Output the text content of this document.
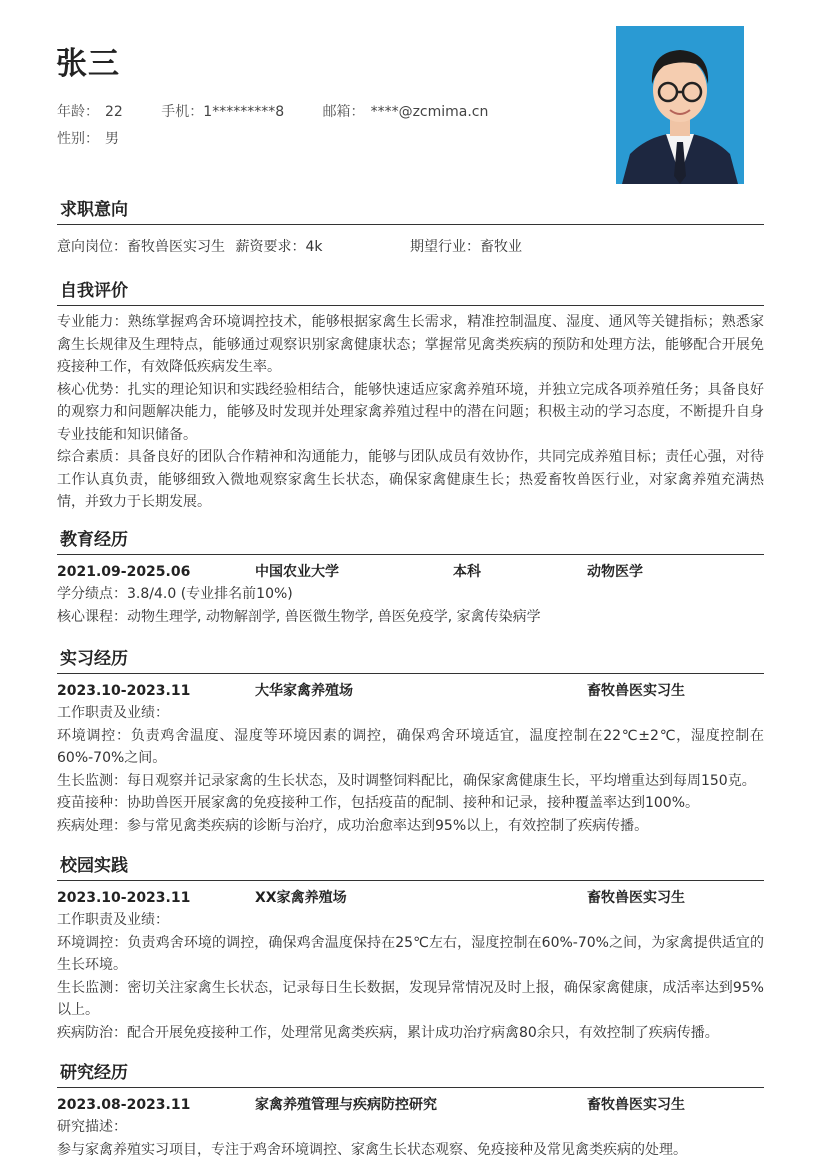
张三
年龄： 22	手机：1*********8	邮箱： ****@zcmima.cn
性别： 男
求职意向
意向岗位：畜牧兽医实习生 薪资要求：4k	期望行业：畜牧业
自我评价
专业能力：熟练掌握鸡舍环境调控技术，能够根据家禽生长需求，精准控制温度、湿度、通风等关键指标；熟悉家禽生长规律及生理特点，能够通过观察识别家禽健康状态；掌握常见禽类疾病的预防和处理方法，能够配合开展免疫接种工作，有效降低疾病发生率。
核心优势：扎实的理论知识和实践经验相结合，能够快速适应家禽养殖环境，并独立完成各项养殖任务；具备良好的观察力和问题解决能力，能够及时发现并处理家禽养殖过程中的潜在问题；积极主动的学习态度，不断提升自身专业技能和知识储备。
综合素质：具备良好的团队合作精神和沟通能力，能够与团队成员有效协作，共同完成养殖目标；责任心强，对待工作认真负责，能够细致入微地观察家禽生长状态，确保家禽健康生长；热爱畜牧兽医行业，对家禽养殖充满热情，并致力于长期发展。
教育经历
2021.09-2025.06	中国农业大学	本科	动物医学
学分绩点：3.8/4.0 (专业排名前10%)
核心课程：动物生理学, 动物解剖学, 兽医微生物学, 兽医免疫学, 家禽传染病学
实习经历
2023.10-2023.11	大华家禽养殖场	畜牧兽医实习生
工作职责及业绩：
环境调控：负责鸡舍温度、湿度等环境因素的调控，确保鸡舍环境适宜，温度控制在22℃±2℃，湿度控制在60%-70%之间。
生长监测：每日观察并记录家禽的生长状态，及时调整饲料配比，确保家禽健康生长，平均增重达到每周150克。
疫苗接种：协助兽医开展家禽的免疫接种工作，包括疫苗的配制、接种和记录，接种覆盖率达到100%。
疾病处理：参与常见禽类疾病的诊断与治疗，成功治愈率达到95%以上，有效控制了疾病传播。
校园实践
2023.10-2023.11	XX家禽养殖场	畜牧兽医实习生
工作职责及业绩：
环境调控：负责鸡舍环境的调控，确保鸡舍温度保持在25℃左右，湿度控制在60%-70%之间，为家禽提供适宜的生长环境。
生长监测：密切关注家禽生长状态，记录每日生长数据，发现异常情况及时上报，确保家禽健康，成活率达到95%以上。
疾病防治：配合开展免疫接种工作，处理常见禽类疾病，累计成功治疗病禽80余只，有效控制了疾病传播。
研究经历
2023.08-2023.11	家禽养殖管理与疾病防控研究	畜牧兽医实习生
研究描述：
参与家禽养殖实习项目，专注于鸡舍环境调控、家禽生长状态观察、免疫接种及常见禽类疾病的处理。
